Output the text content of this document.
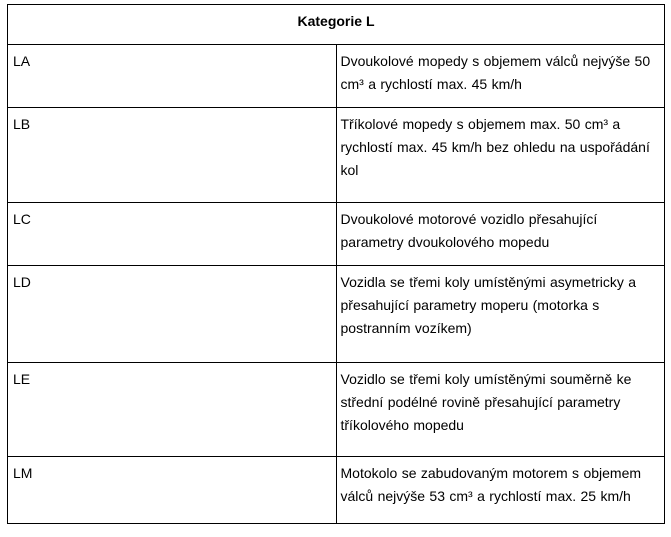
Kategorie L	
LA	Dvoukolové mopedy s objemem válců nejvýše 50 cm³ a rychlostí max. 45 km/h
LB	Tříkolové mopedy s objemem max. 50 cm³ a rychlostí max. 45 km/h bez ohledu na uspořádání kol
LC	Dvoukolové motorové vozidlo přesahující parametry dvoukolového mopedu
LD	Vozidla se třemi koly umístěnými asymetricky a přesahující parametry moperu (motorka s postranním vozíkem)
LE	Vozidlo se třemi koly umístěnými souměrně ke střední podélné rovině přesahující parametry tříkolového mopedu
LM	Motokolo se zabudovaným motorem s objemem válců nejvýše 53 cm³ a rychlostí max. 25 km/h
